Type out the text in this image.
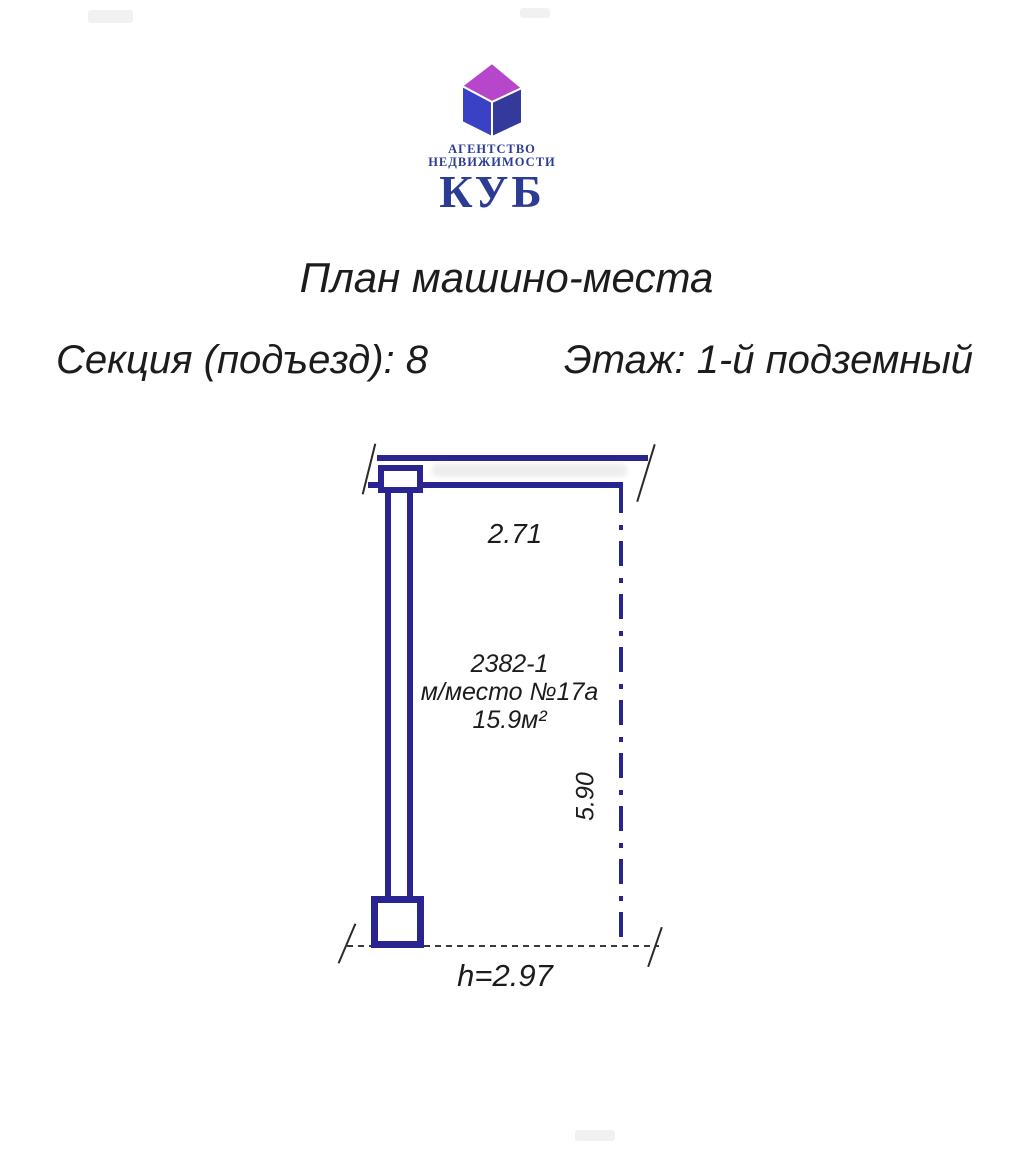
АГЕНТСТВО
НЕДВИЖИМОСТИ
КУБ
План машино-места
Секция (подъезд): 8	Этаж: 1-й подземный
2.71
2382-1
м/место №17а
15.9м²
5.90
h=2.97
